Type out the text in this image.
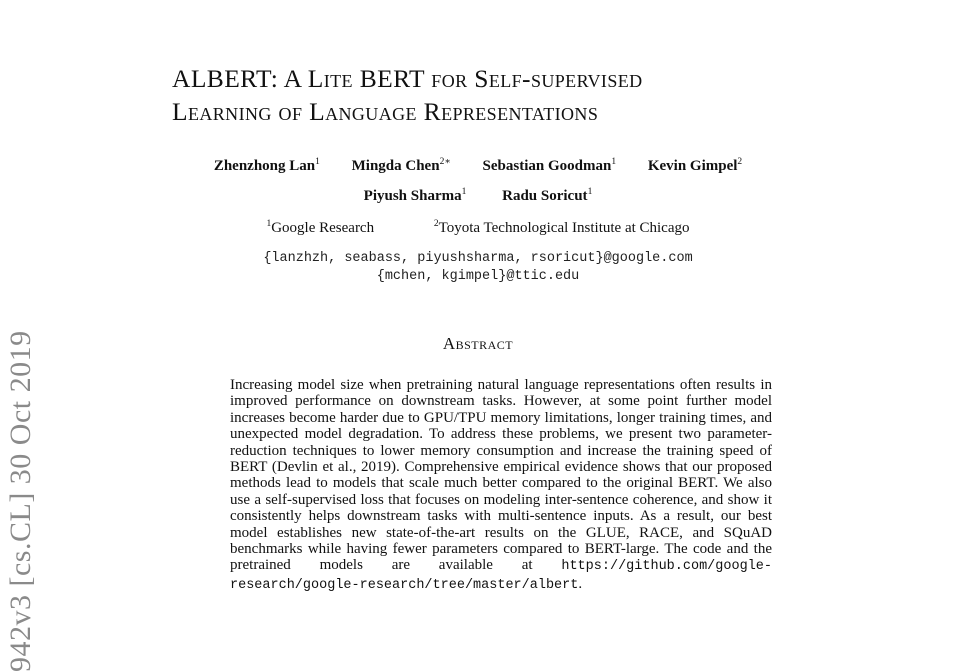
942v3 [cs.CL] 30 Oct 2019
ALBERT: A Lite BERT for Self-supervised
Learning of Language Representations
Zhenzhong Lan$^1$ Mingda Chen$^{2∗}$ Sebastian Goodman$^1$ Kevin Gimpel$^2$
Piyush Sharma$^1$ Radu Soricut$^1$
$^1$Google Research	$^2$Toyota Technological Institute at Chicago
{lanzhzh, seabass, piyushsharma, rsoricut}@google.com
{mchen, kgimpel}@ttic.edu
Abstract

Increasing model size when pretraining natural language representations often results in improved performance on downstream tasks. However, at some point further model increases become harder due to GPU/TPU memory limitations, longer training times, and unexpected model degradation. To address these problems, we present two parameter-reduction techniques to lower memory consumption and increase the training speed of BERT (Devlin et al., 2019). Comprehensive empirical evidence shows that our proposed methods lead to models that scale much better compared to the original BERT. We also use a self-supervised loss that focuses on modeling inter-sentence coherence, and show it consistently helps downstream tasks with multi-sentence inputs. As a result, our best model establishes new state-of-the-art results on the GLUE, RACE, and SQuAD benchmarks while having fewer parameters compared to BERT-large. The code and the pretrained models are available at https://github.com/google-research/google-research/tree/master/albert.
